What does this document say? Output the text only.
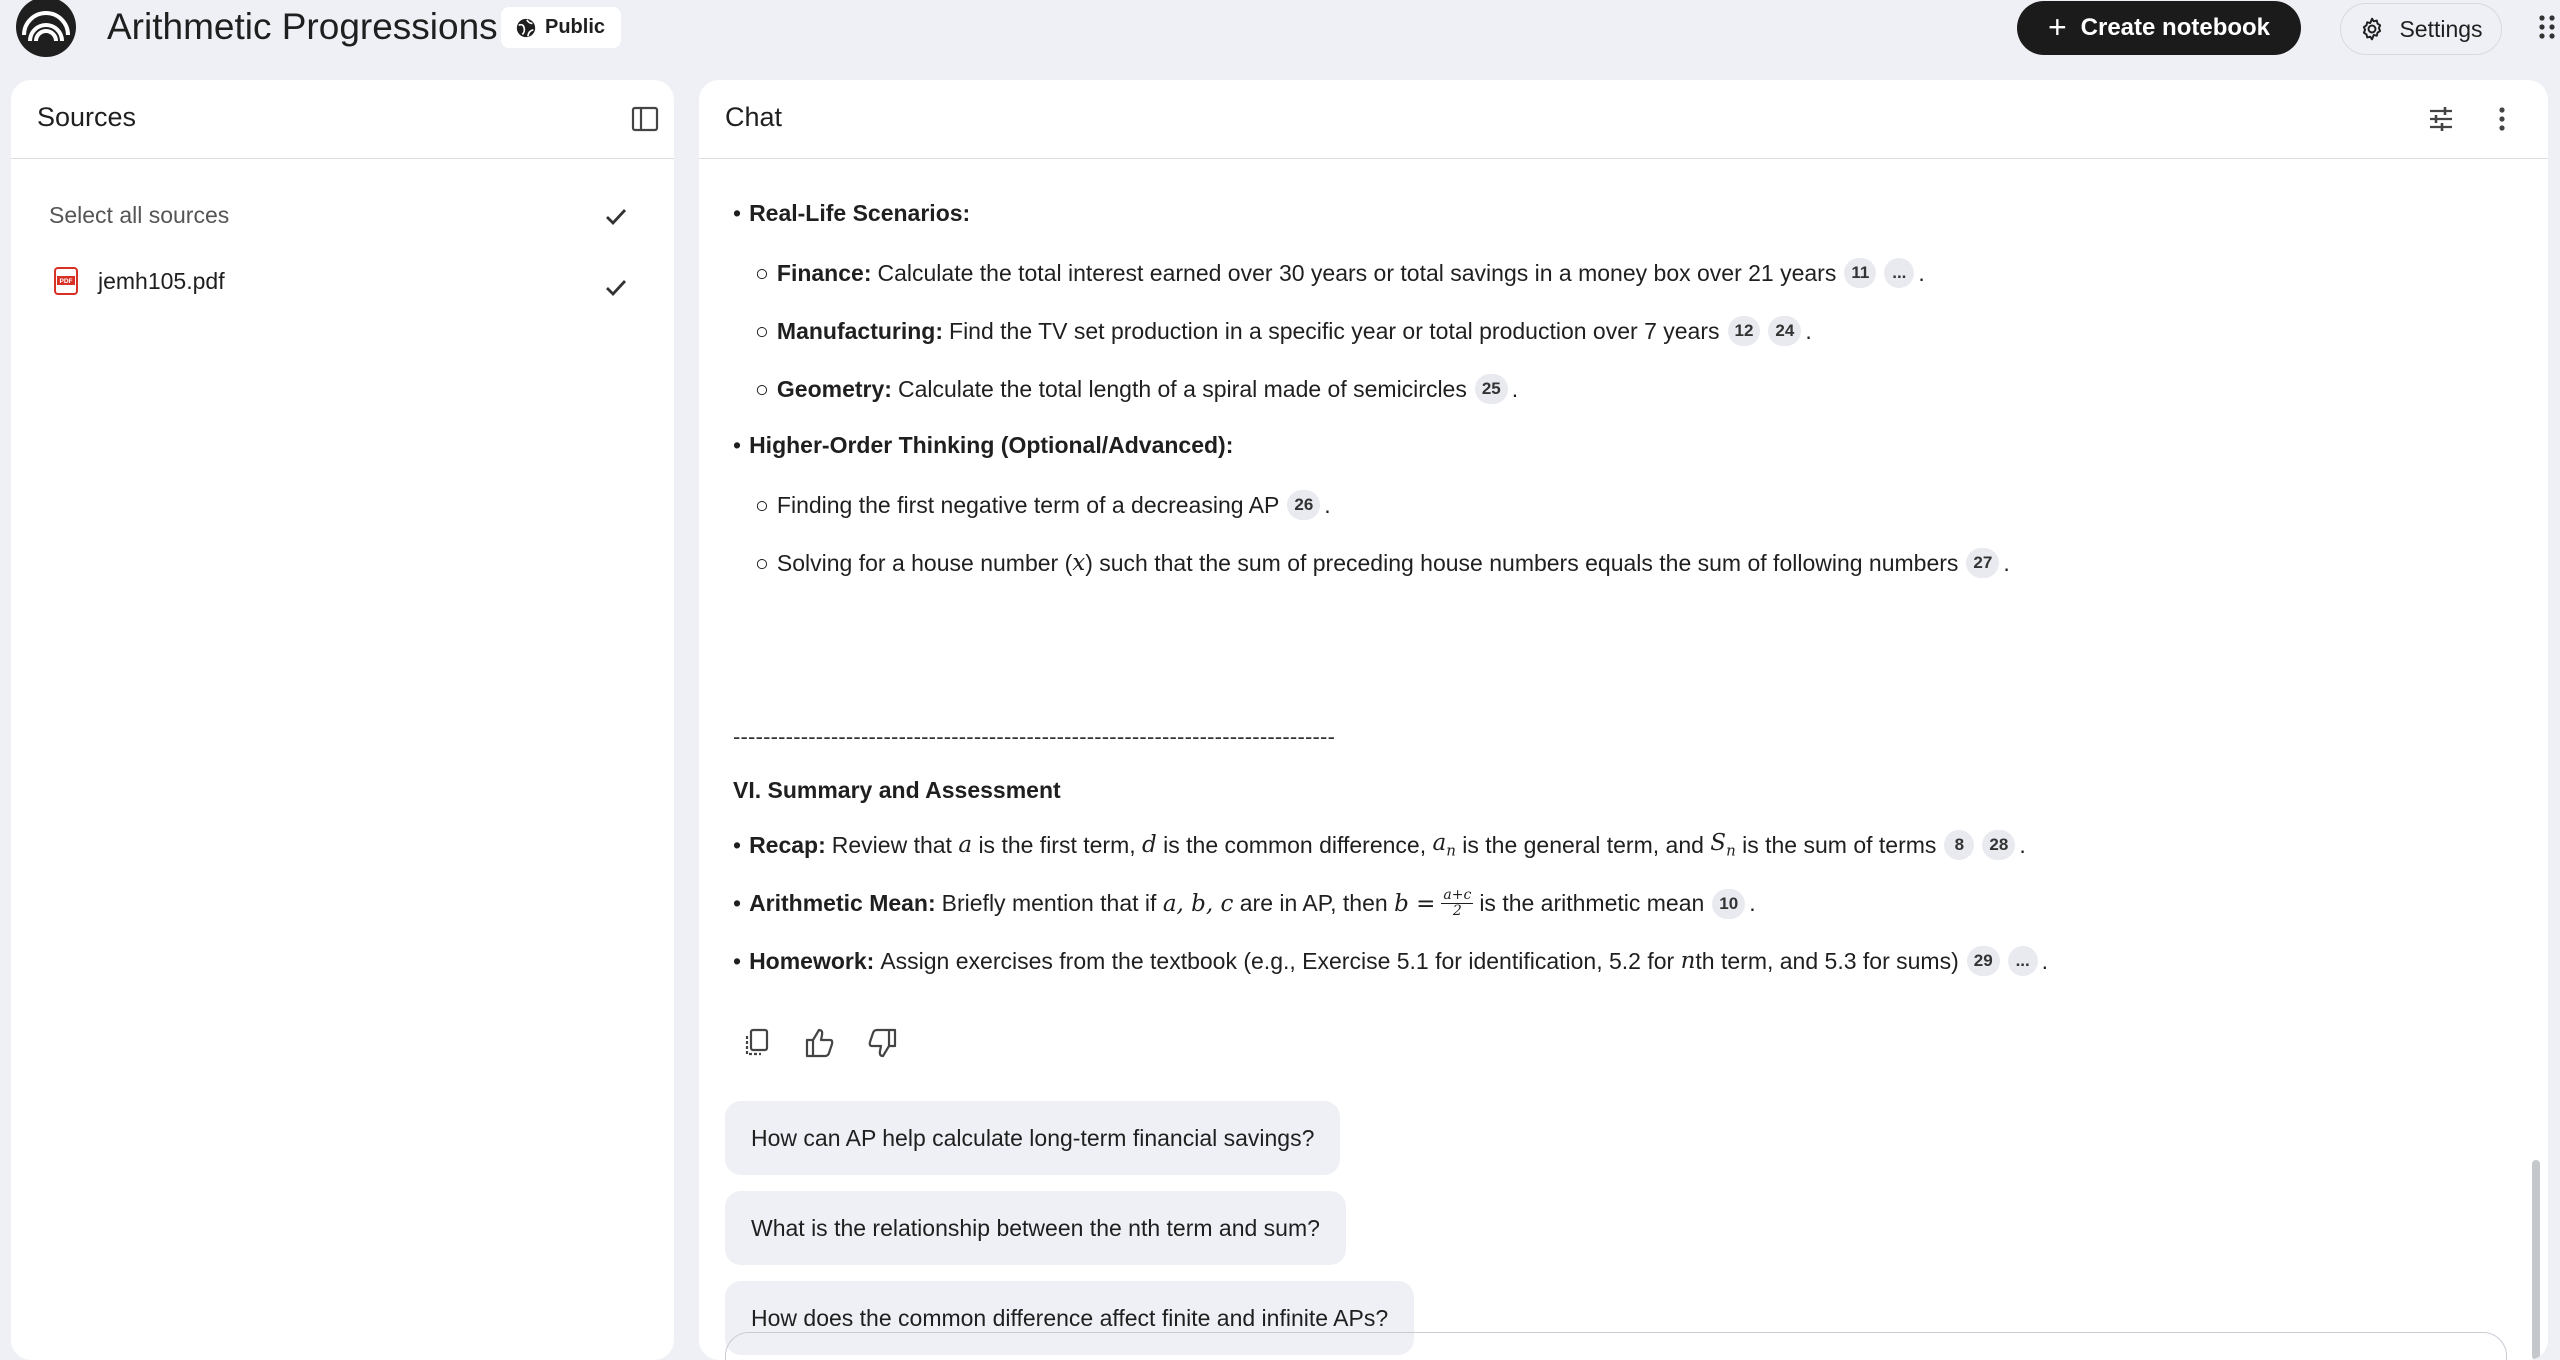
Arithmetic Progressions Public	+ Create notebook	Settings
Sources
Select all sources
PDF jemh105.pdf
Chat
• Real-Life Scenarios:
○ Finance: Calculate the total interest earned over 30 years or total savings in a money box over 21 years 11	... .
○ Manufacturing: Find the TV set production in a specific year or total production over 7 years 12	24 .
○ Geometry: Calculate the total length of a spiral made of semicircles 25 .
• Higher-Order Thinking (Optional/Advanced):
○ Finding the first negative term of a decreasing AP 26 .
○ Solving for a house number ( x ) such that the sum of preceding house numbers equals the sum of following numbers 27 .
--------------------------------------------------------------------------------
VI. Summary and Assessment
• Recap: Review that
a
is the first term,
d
is the common difference,
$a_n$
is the general term, and
$S_n$
is the sum of terms	8	28 .
• Arithmetic Mean: Briefly mention that if
a, b, c
are in AP, then
$b = \frac{a+c}{2}$ is the arithmetic mean 10 .
• Homework: Assign exercises from the textbook (e.g., Exercise 5.1 for identification, 5.2 for
n th term, and 5.3 for sums) 29	... .
How can AP help calculate long-term financial savings?
What is the relationship between the nth term and sum?
How does the common difference affect finite and infinite APs?
